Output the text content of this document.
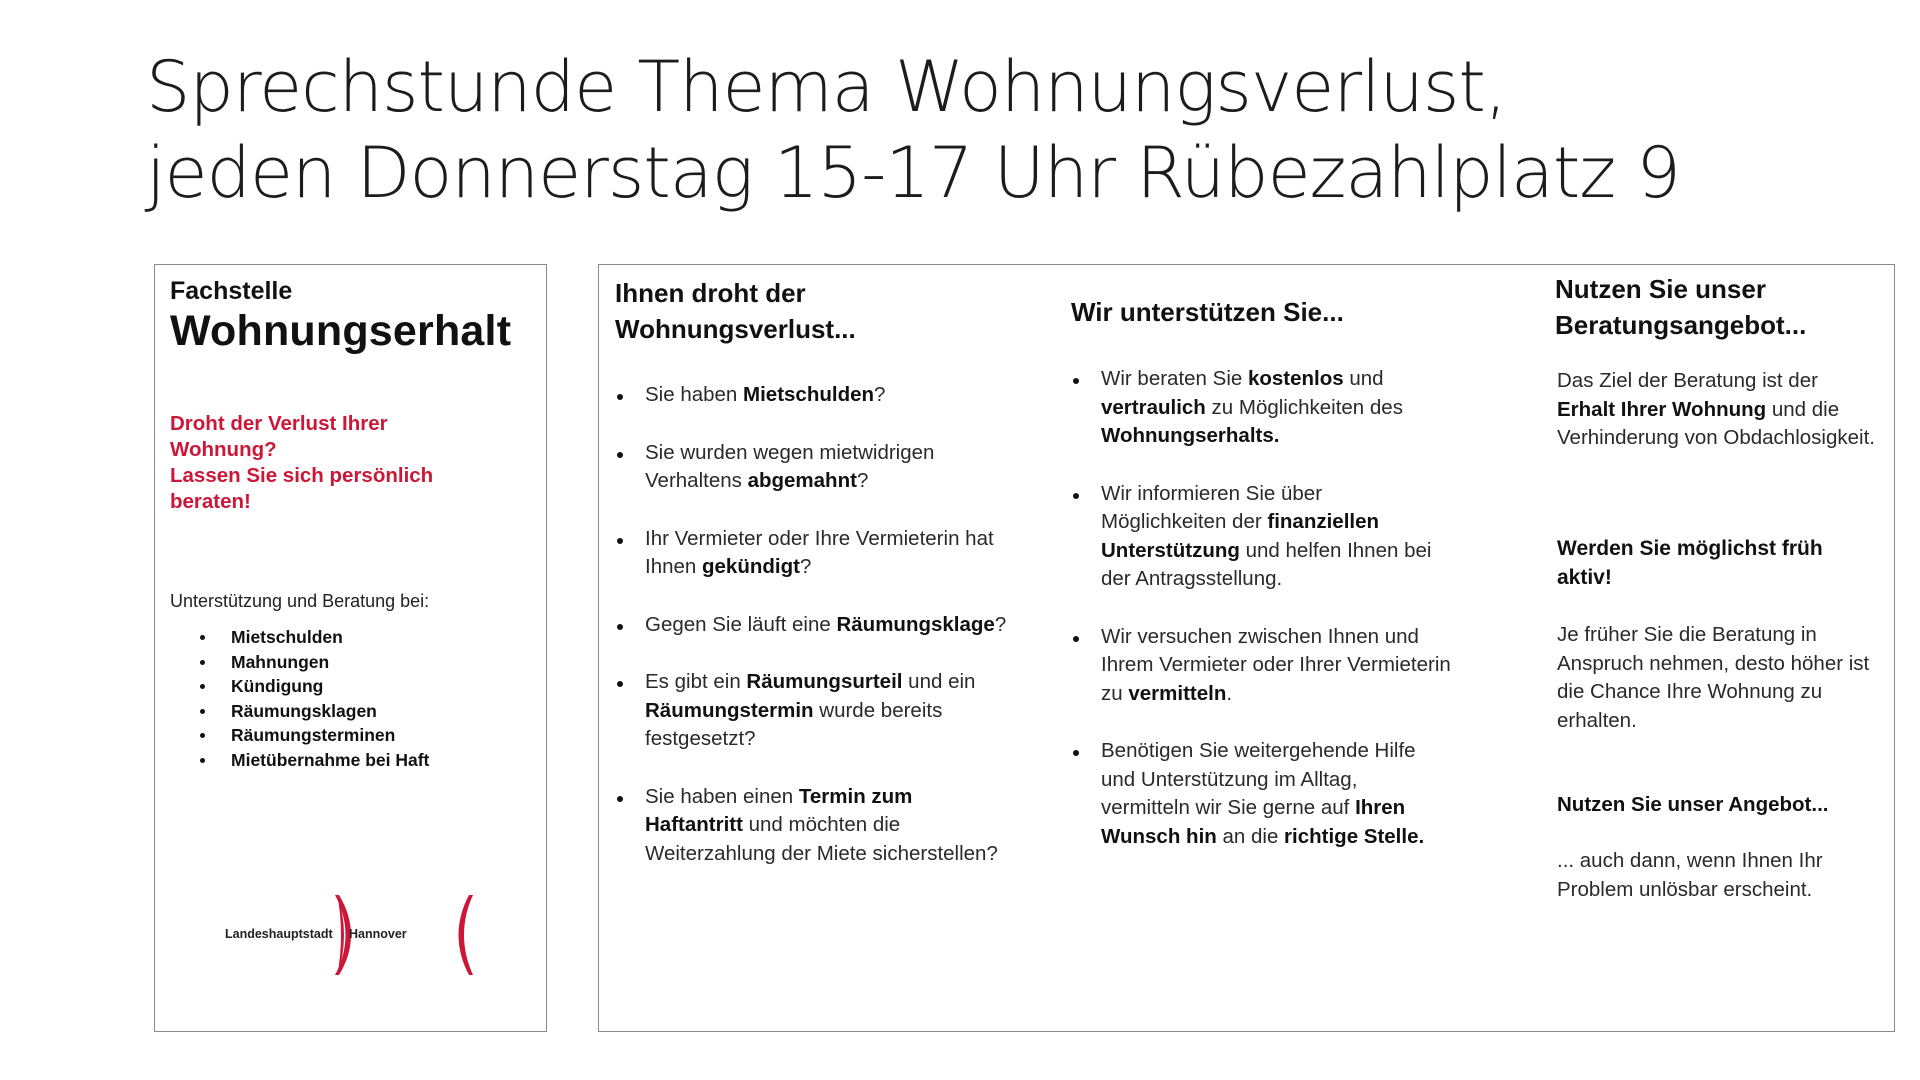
Sprechstunde Thema Wohnungsverlust,
jeden Donnerstag 15-17 Uhr Rübezahlplatz 9
Fachstelle
Wohnungserhalt
Droht der Verlust Ihrer
Wohnung?
Lassen Sie sich persönlich
beraten!
Unterstützung und Beratung bei:
Mietschulden
Mahnungen
Kündigung
Räumungsklagen
Räumungsterminen
Mietübernahme bei Haft
Landeshauptstadt Hannover
Ihnen droht der
Wohnungsverlust...
Sie haben Mietschulden?
Sie wurden wegen mietwidrigen Verhaltens abgemahnt?
Ihr Vermieter oder Ihre Vermieterin hat Ihnen gekündigt?
Gegen Sie läuft eine Räumungsklage?
Es gibt ein Räumungsurteil und ein Räumungstermin wurde bereits festgesetzt?
Sie haben einen Termin zum Haftantritt und möchten die Weiterzahlung der Miete sicherstellen?
Wir unterstützen Sie...
Wir beraten Sie kostenlos und vertraulich zu Möglichkeiten des Wohnungserhalts.
Wir informieren Sie über Möglichkeiten der finanziellen Unterstützung und helfen Ihnen bei der Antragsstellung.
Wir versuchen zwischen Ihnen und Ihrem Vermieter oder Ihrer Vermieterin zu vermitteln.
Benötigen Sie weitergehende Hilfe und Unterstützung im Alltag, vermitteln wir Sie gerne auf Ihren Wunsch hin an die richtige Stelle.
Nutzen Sie unser
Beratungsangebot...

Das Ziel der Beratung ist der Erhalt Ihrer Wohnung und die Verhinderung von Obdachlosigkeit.

Werden Sie möglichst früh aktiv!

Je früher Sie die Beratung in Anspruch nehmen, desto höher ist die Chance Ihre Wohnung zu erhalten.

Nutzen Sie unser Angebot...

... auch dann, wenn Ihnen Ihr Problem unlösbar erscheint.
